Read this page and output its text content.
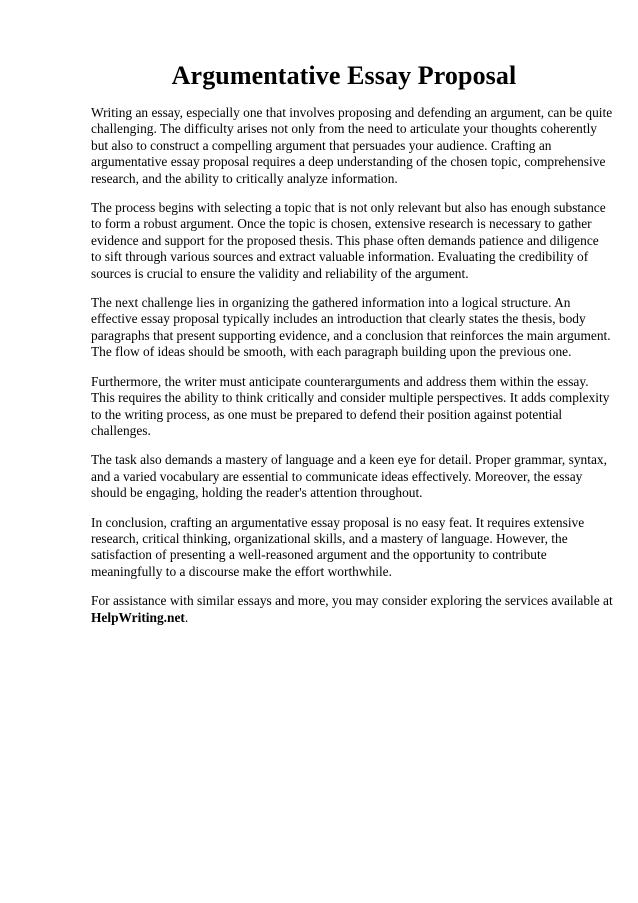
Argumentative Essay Proposal

Writing an essay, especially one that involves proposing and defending an argument, can be quite
challenging. The difficulty arises not only from the need to articulate your thoughts coherently
but also to construct a compelling argument that persuades your audience. Crafting an
argumentative essay proposal requires a deep understanding of the chosen topic, comprehensive
research, and the ability to critically analyze information.

The process begins with selecting a topic that is not only relevant but also has enough substance
to form a robust argument. Once the topic is chosen, extensive research is necessary to gather
evidence and support for the proposed thesis. This phase often demands patience and diligence
to sift through various sources and extract valuable information. Evaluating the credibility of
sources is crucial to ensure the validity and reliability of the argument.

The next challenge lies in organizing the gathered information into a logical structure. An
effective essay proposal typically includes an introduction that clearly states the thesis, body
paragraphs that present supporting evidence, and a conclusion that reinforces the main argument.
The flow of ideas should be smooth, with each paragraph building upon the previous one.

Furthermore, the writer must anticipate counterarguments and address them within the essay.
This requires the ability to think critically and consider multiple perspectives. It adds complexity
to the writing process, as one must be prepared to defend their position against potential
challenges.

The task also demands a mastery of language and a keen eye for detail. Proper grammar, syntax,
and a varied vocabulary are essential to communicate ideas effectively. Moreover, the essay
should be engaging, holding the reader's attention throughout.

In conclusion, crafting an argumentative essay proposal is no easy feat. It requires extensive
research, critical thinking, organizational skills, and a mastery of language. However, the
satisfaction of presenting a well-reasoned argument and the opportunity to contribute
meaningfully to a discourse make the effort worthwhile.

For assistance with similar essays and more, you may consider exploring the services available at
HelpWriting.net.
